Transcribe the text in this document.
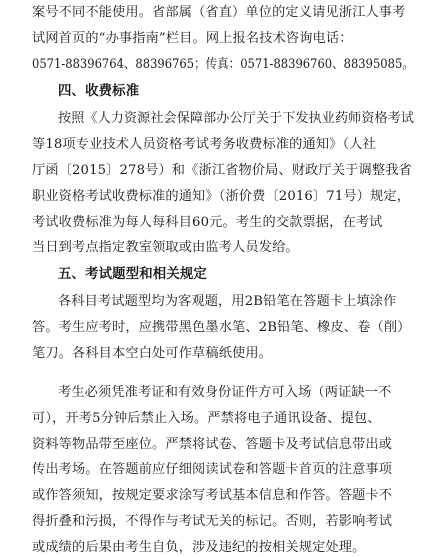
案号不同不能使用。省部属（省直）单位的定义请见浙江人事考
试网首页的“办事指南”栏目。网上报名技术咨询电话：
0571-88396764、88396765；传真：0571-88396760、88395085。
四、收费标准
按照《人力资源社会保障部办公厅关于下发执业药师资格考试
等18项专业技术人员资格考试考务收费标准的通知》（人社
厅函〔2015〕278号）和《浙江省物价局、财政厅关于调整我省
职业资格考试收费标准的通知》（浙价费〔2016〕71号）规定，
考试收费标准为每人每科目60元。考生的交款票据，在考试
当日到考点指定教室领取或由监考人员发给。
五、考试题型和相关规定
各科目考试题型均为客观题，用2B铅笔在答题卡上填涂作
答。考生应考时，应携带黑色墨水笔、2B铅笔、橡皮、卷（削）
笔刀。各科目本空白处可作草稿纸使用。
考生必须凭准考证和有效身份证件方可入场（两证缺一不
可），开考5分钟后禁止入场。严禁将电子通讯设备、提包、
资料等物品带至座位。严禁将试卷、答题卡及考试信息带出或
传出考场。在答题前应仔细阅读试卷和答题卡首页的注意事项
或作答须知，按规定要求涂写考试基本信息和作答。答题卡不
得折叠和污损，不得作与考试无关的标记。否则，若影响考试
或成绩的后果由考生自负，涉及违纪的按相关规定处理。
